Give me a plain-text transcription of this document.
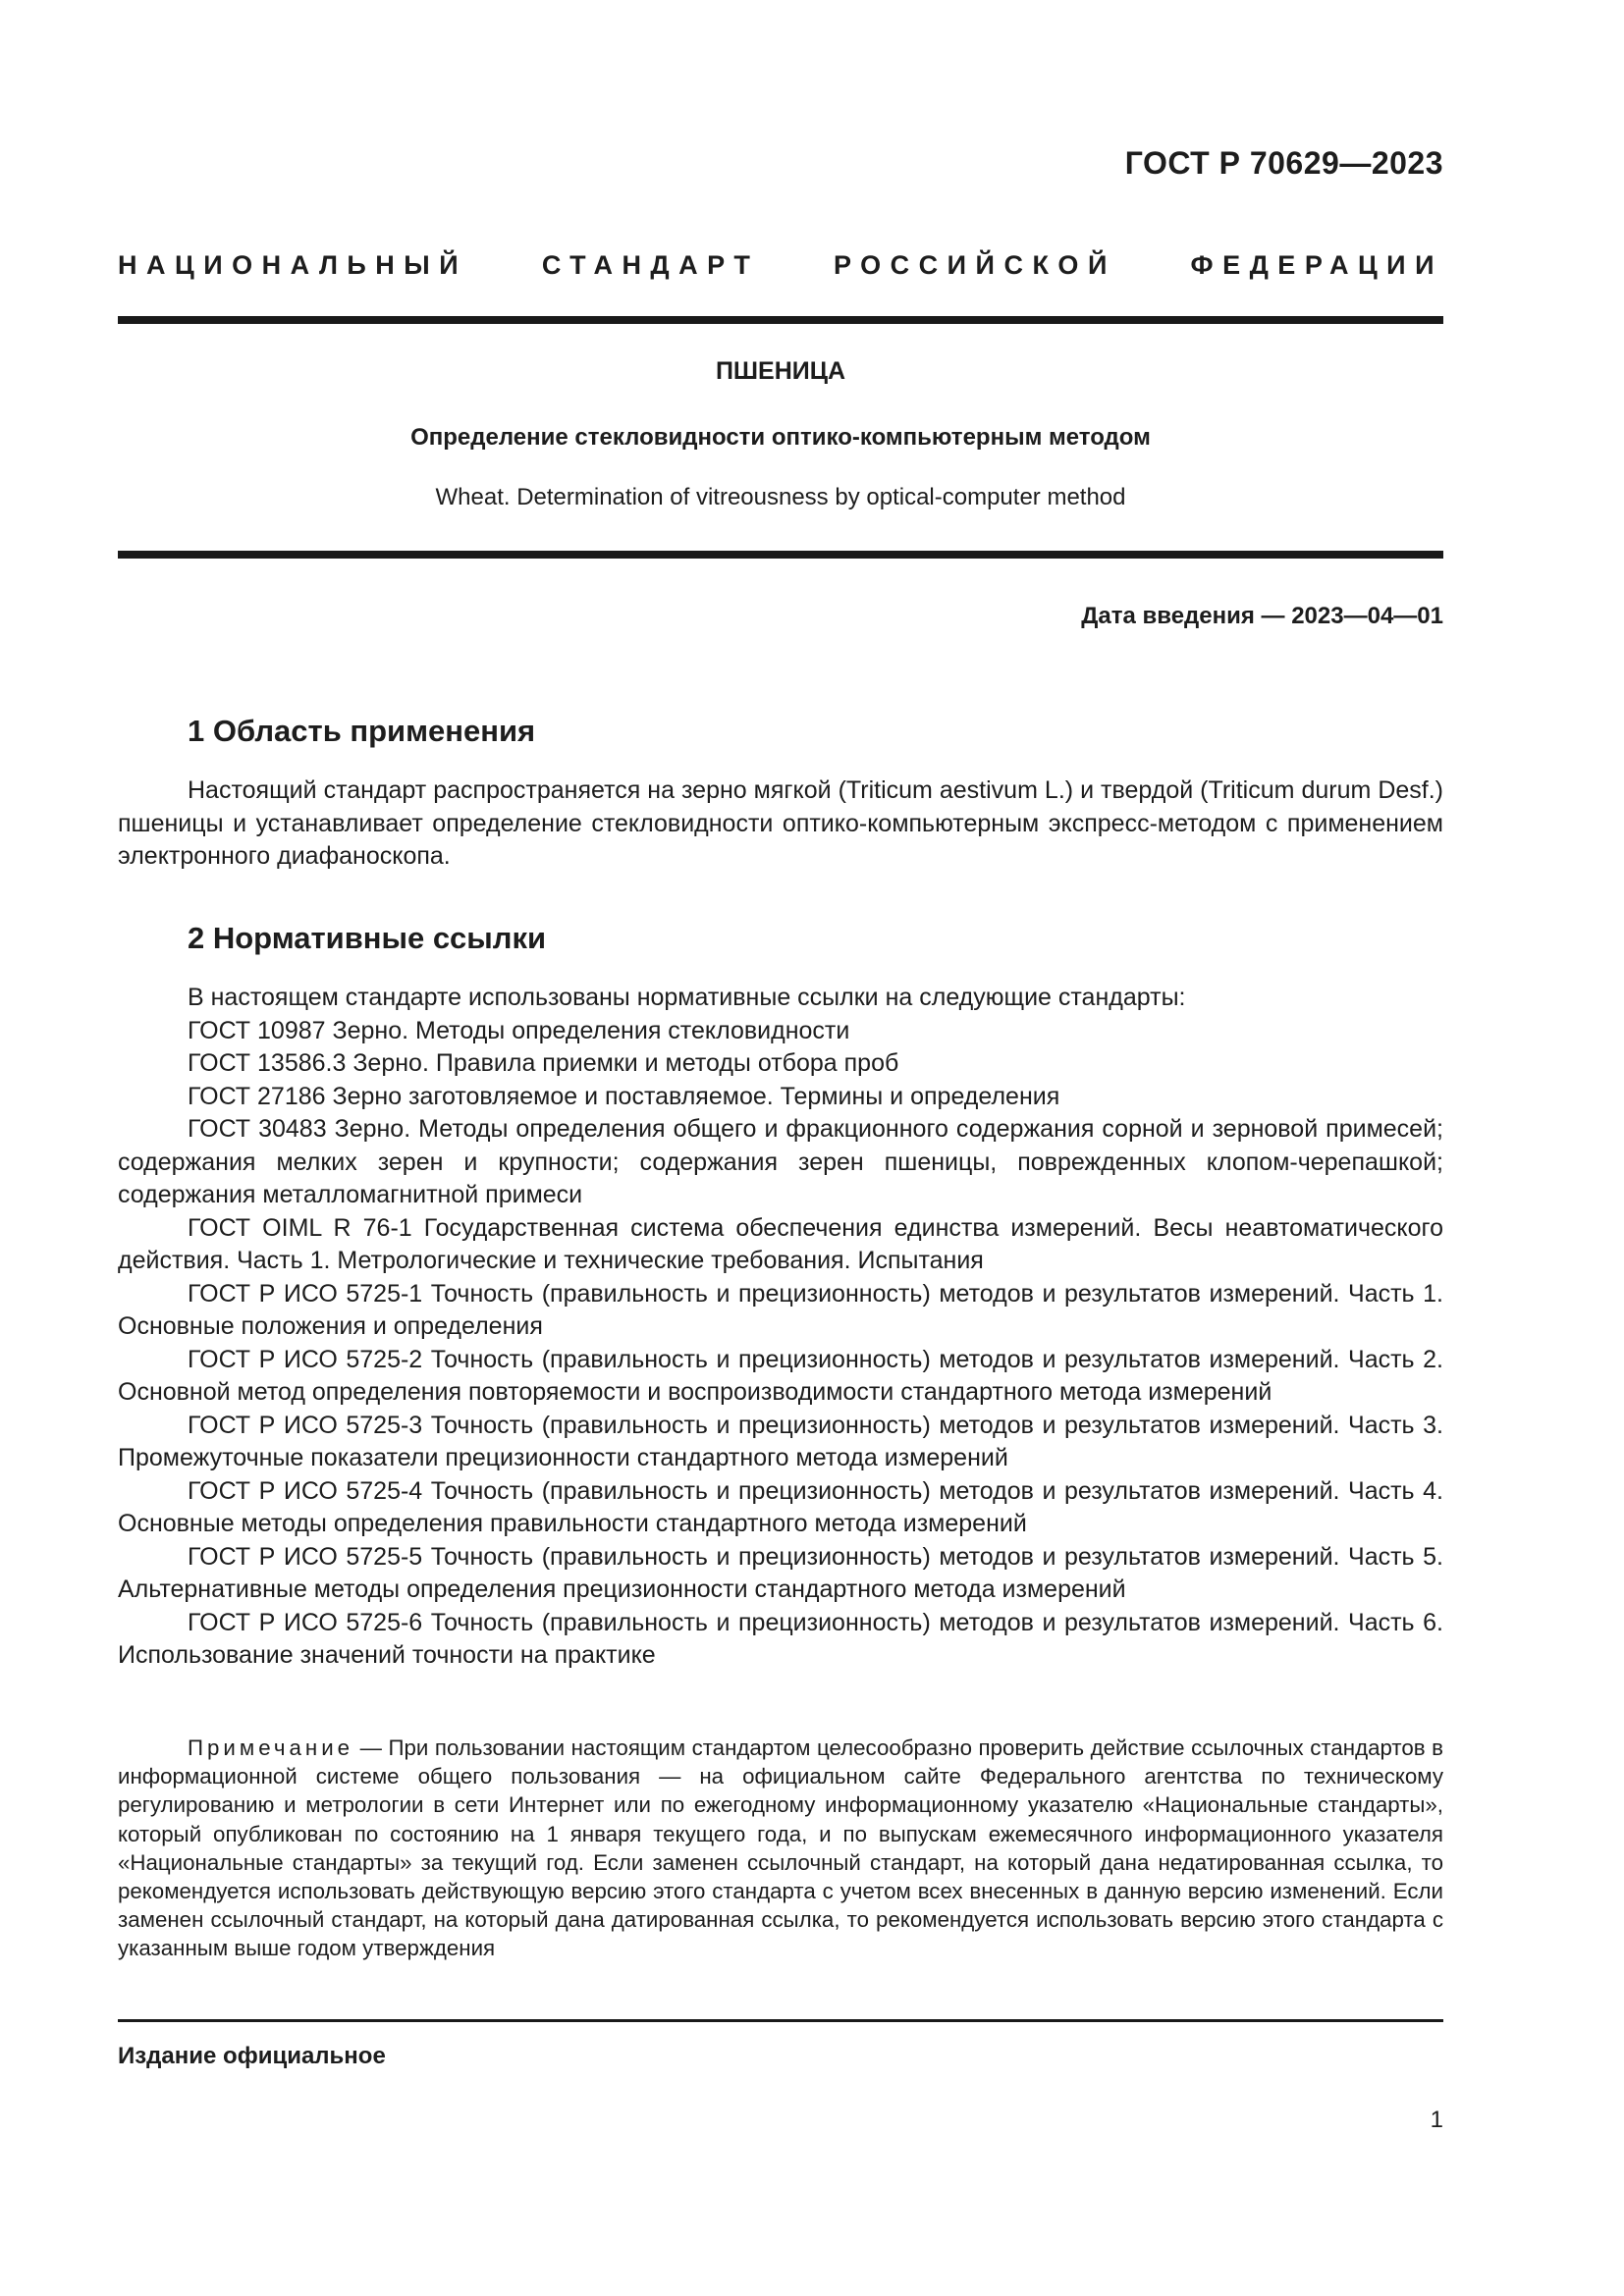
ГОСТ Р 70629—2023
НАЦИОНАЛЬНЫЙ СТАНДАРТ РОССИЙСКОЙ ФЕДЕРАЦИИ
ПШЕНИЦА
Определение стекловидности оптико-компьютерным методом
Wheat. Determination of vitreousness by optical-computer method
Дата введения — 2023—04—01
1 Область применения

Настоящий стандарт распространяется на зерно мягкой (Triticum aestivum L.) и твердой (Triticum durum Desf.) пшеницы и устанавливает определение стекловидности оптико-компьютерным экспресс-методом с применением электронного диафаноскопа.

2 Нормативные ссылки

В настоящем стандарте использованы нормативные ссылки на следующие стандарты:

ГОСТ 10987 Зерно. Методы определения стекловидности

ГОСТ 13586.3 Зерно. Правила приемки и методы отбора проб

ГОСТ 27186 Зерно заготовляемое и поставляемое. Термины и определения

ГОСТ 30483 Зерно. Методы определения общего и фракционного содержания сорной и зерновой примесей; содержания мелких зерен и крупности; содержания зерен пшеницы, поврежденных клопом-черепашкой; содержания металломагнитной примеси

ГОСТ OIML R 76-1 Государственная система обеспечения единства измерений. Весы неавтоматического действия. Часть 1. Метрологические и технические требования. Испытания

ГОСТ Р ИСО 5725-1 Точность (правильность и прецизионность) методов и результатов измерений. Часть 1. Основные положения и определения

ГОСТ Р ИСО 5725-2 Точность (правильность и прецизионность) методов и результатов измерений. Часть 2. Основной метод определения повторяемости и воспроизводимости стандартного метода измерений

ГОСТ Р ИСО 5725-3 Точность (правильность и прецизионность) методов и результатов измерений. Часть 3. Промежуточные показатели прецизионности стандартного метода измерений

ГОСТ Р ИСО 5725-4 Точность (правильность и прецизионность) методов и результатов измерений. Часть 4. Основные методы определения правильности стандартного метода измерений

ГОСТ Р ИСО 5725-5 Точность (правильность и прецизионность) методов и результатов измерений. Часть 5. Альтернативные методы определения прецизионности стандартного метода измерений

ГОСТ Р ИСО 5725-6 Точность (правильность и прецизионность) методов и результатов измерений. Часть 6. Использование значений точности на практике

Примечание — При пользовании настоящим стандартом целесообразно проверить действие ссылочных стандартов в информационной системе общего пользования — на официальном сайте Федерального агентства по техническому регулированию и метрологии в сети Интернет или по ежегодному информационному указателю «Национальные стандарты», который опубликован по состоянию на 1 января текущего года, и по выпускам ежемесячного информационного указателя «Национальные стандарты» за текущий год. Если заменен ссылочный стандарт, на который дана недатированная ссылка, то рекомендуется использовать действующую версию этого стандарта с учетом всех внесенных в данную версию изменений. Если заменен ссылочный стандарт, на который дана датированная ссылка, то рекомендуется использовать версию этого стандарта с указанным выше годом утверждения

Издание официальное
1
